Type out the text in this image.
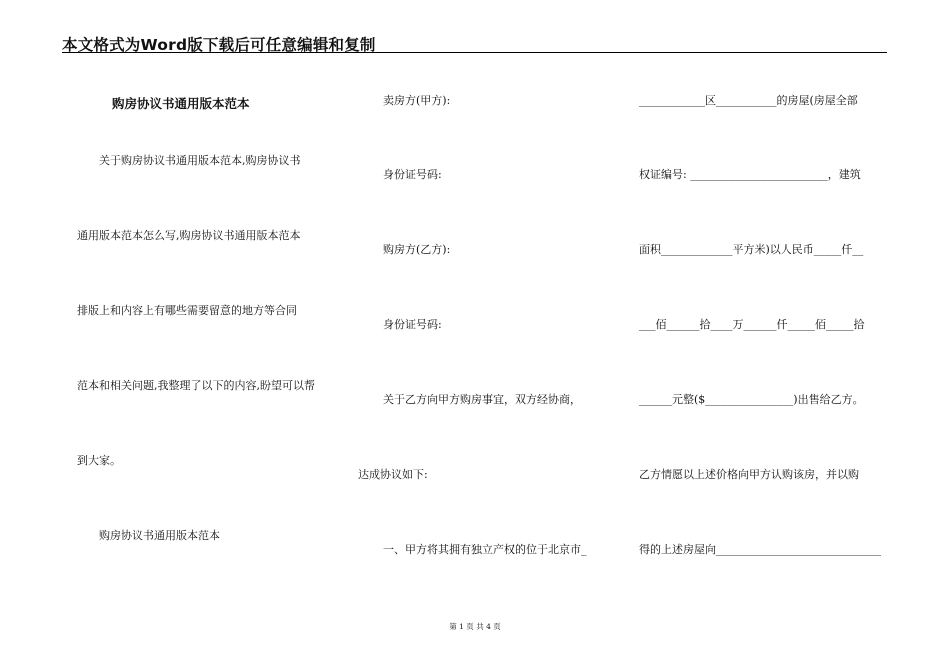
本文格式为Word版下载后可任意编辑和复制
购房协议书通用版本范本
关于购房协议书通用版本范本,购房协议书
通用版本范本怎么写,购房协议书通用版本范本
排版上和内容上有哪些需要留意的地方等合同
范本和相关问题,我整理了以下的内容,盼望可以帮
到大家。
购房协议书通用版本范本
卖房方(甲方):
身份证号码:
购房方(乙方):
身份证号码:
关于乙方向甲方购房事宜，双方经协商，
达成协议如下:
一、甲方将其拥有独立产权的位于北京市_
____________区___________的房屋(房屋全部
权证编号: _________________________，建筑
面积_____________平方米)以人民币_____仟__
___佰______拾____万______仟_____佰_____拾
______元整($________________)出售给乙方。
乙方情愿以上述价格向甲方认购该房，并以购
得的上述房屋向______________________________
第 1 页 共 4 页
